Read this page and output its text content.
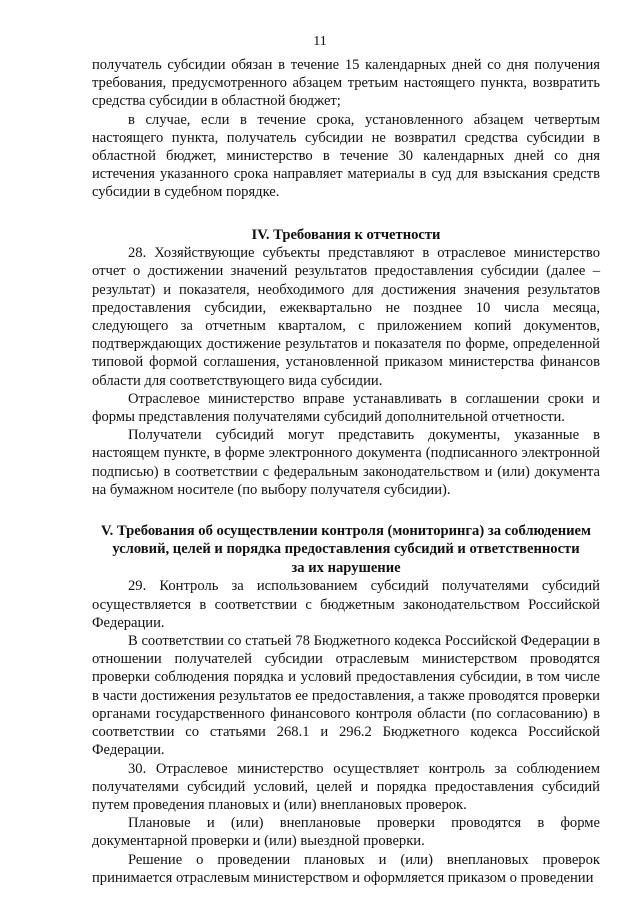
11

получатель субсидии обязан в течение 15 календарных дней со дня получения требования, предусмотренного абзацем третьим настоящего пункта, возвратить средства субсидии в областной бюджет;

в случае, если в течение срока, установленного абзацем четвертым настоящего пункта, получатель субсидии не возвратил средства субсидии в областной бюджет, министерство в течение 30 календарных дней со дня истечения указанного срока направляет материалы в суд для взыскания средств субсидии в судебном порядке.

IV. Требования к отчетности

28. Хозяйствующие субъекты представляют в отраслевое министерство отчет о достижении значений результатов предоставления субсидии (далее – результат) и показателя, необходимого для достижения значения результатов предоставления субсидии, ежеквартально не позднее 10 числа месяца, следующего за отчетным кварталом, с приложением копий документов, подтверждающих достижение результатов и показателя по форме, определенной типовой формой соглашения, установленной приказом министерства финансов области для соответствующего вида субсидии.

Отраслевое министерство вправе устанавливать в соглашении сроки и формы представления получателями субсидий дополнительной отчетности.

Получатели субсидий могут представить документы, указанные в настоящем пункте, в форме электронного документа (подписанного электронной подписью) в соответствии с федеральным законодательством и (или) документа на бумажном носителе (по выбору получателя субсидии).

V. Требования об осуществлении контроля (мониторинга) за соблюдением
условий, целей и порядка предоставления субсидий и ответственности
за их нарушение

29. Контроль за использованием субсидий получателями субсидий осуществляется в соответствии с бюджетным законодательством Российской Федерации.

В соответствии со статьей 78 Бюджетного кодекса Российской Федерации в отношении получателей субсидии отраслевым министерством проводятся проверки соблюдения порядка и условий предоставления субсидии, в том числе в части достижения результатов ее предоставления, а также проводятся проверки органами государственного финансового контроля области (по согласованию) в соответствии со статьями 268.1 и 296.2 Бюджетного кодекса Российской Федерации.

30. Отраслевое министерство осуществляет контроль за соблюдением получателями субсидий условий, целей и порядка предоставления субсидий путем проведения плановых и (или) внеплановых проверок.

Плановые и (или) внеплановые проверки проводятся в форме документарной проверки и (или) выездной проверки.

Решение о проведении плановых и (или) внеплановых проверок принимается отраслевым министерством и оформляется приказом о проведении
